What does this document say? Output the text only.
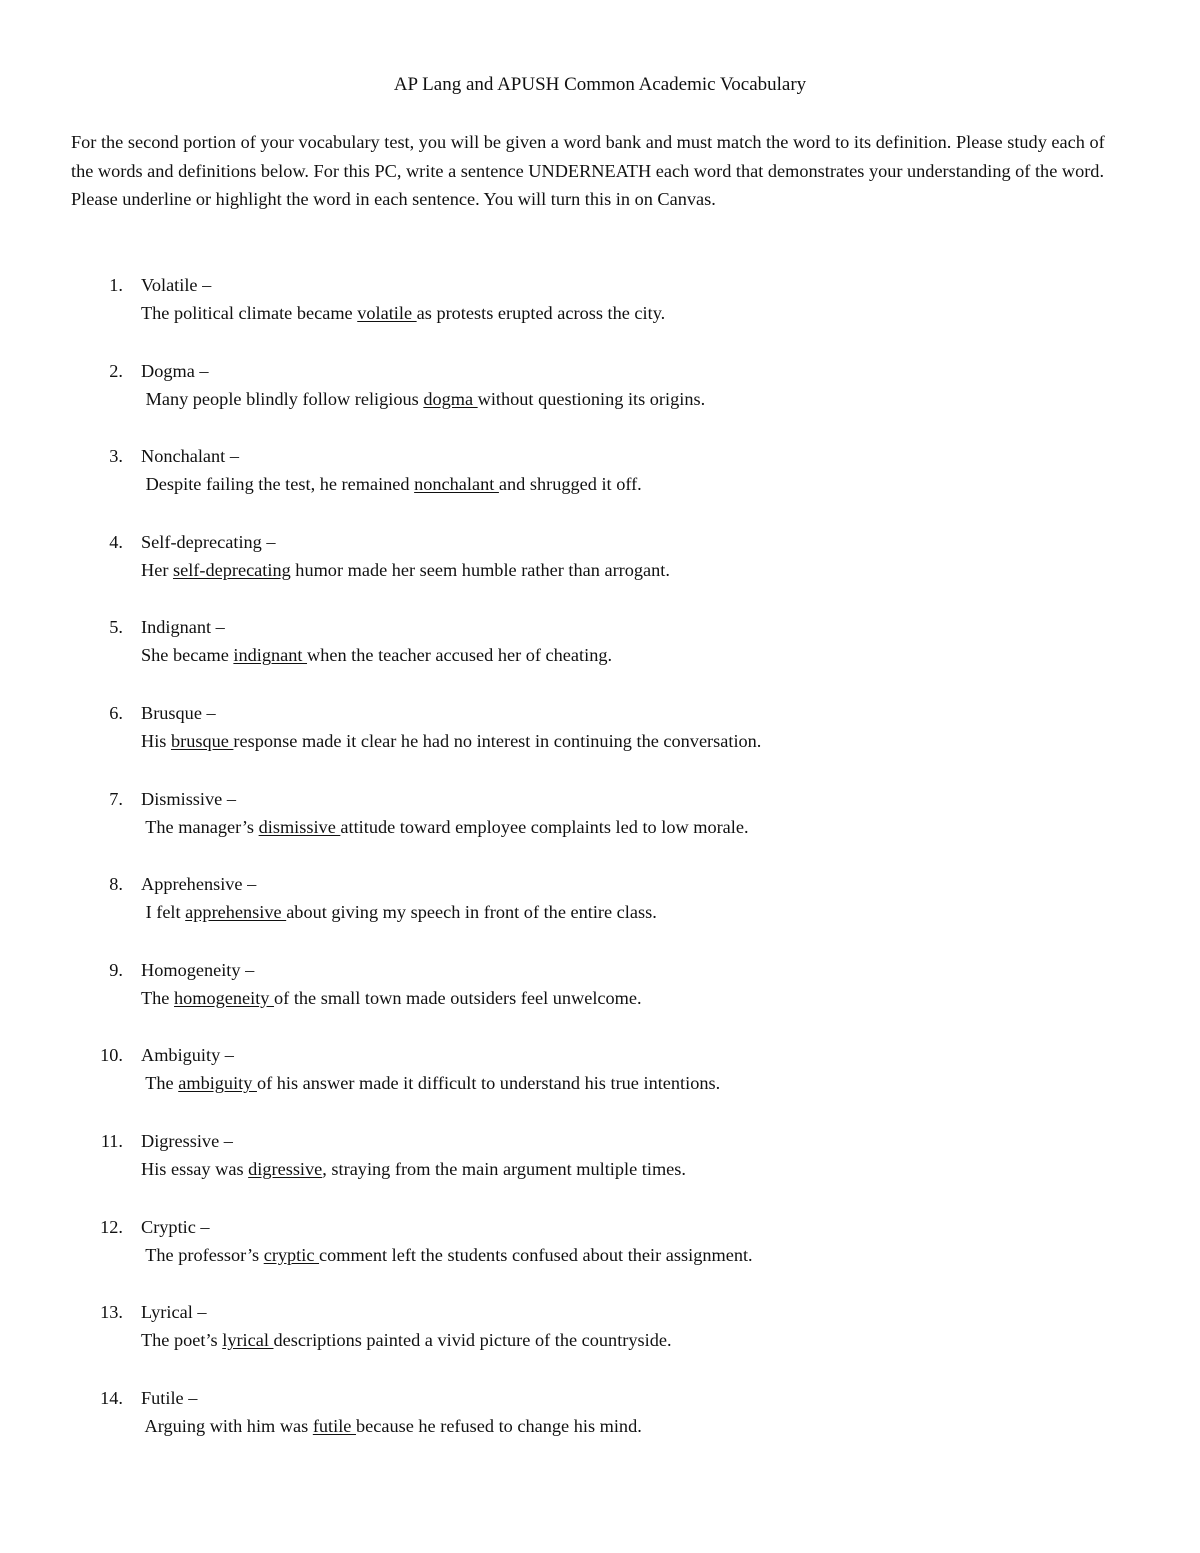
AP Lang and APUSH Common Academic Vocabulary
For the second portion of your vocabulary test, you will be given a word bank and must match the word to its definition. Please study each of the words and definitions below. For this PC, write a sentence UNDERNEATH each word that demonstrates your understanding of the word. Please underline or highlight the word in each sentence. You will turn this in on Canvas.
1. Volatile –
The political climate became volatile as protests erupted across the city.
2. Dogma –
Many people blindly follow religious dogma without questioning its origins.
3. Nonchalant –
Despite failing the test, he remained nonchalant and shrugged it off.
4. Self-deprecating –
Her self-deprecating humor made her seem humble rather than arrogant.
5. Indignant –
She became indignant when the teacher accused her of cheating.
6. Brusque –
His brusque response made it clear he had no interest in continuing the conversation.
7. Dismissive –
The manager’s dismissive attitude toward employee complaints led to low morale.
8. Apprehensive –
I felt apprehensive about giving my speech in front of the entire class.
9. Homogeneity –
The homogeneity of the small town made outsiders feel unwelcome.
10. Ambiguity –
The ambiguity of his answer made it difficult to understand his true intentions.
11. Digressive –
His essay was digressive, straying from the main argument multiple times.
12. Cryptic –
The professor’s cryptic comment left the students confused about their assignment.
13. Lyrical –
The poet’s lyrical descriptions painted a vivid picture of the countryside.
14. Futile –
Arguing with him was futile because he refused to change his mind.
